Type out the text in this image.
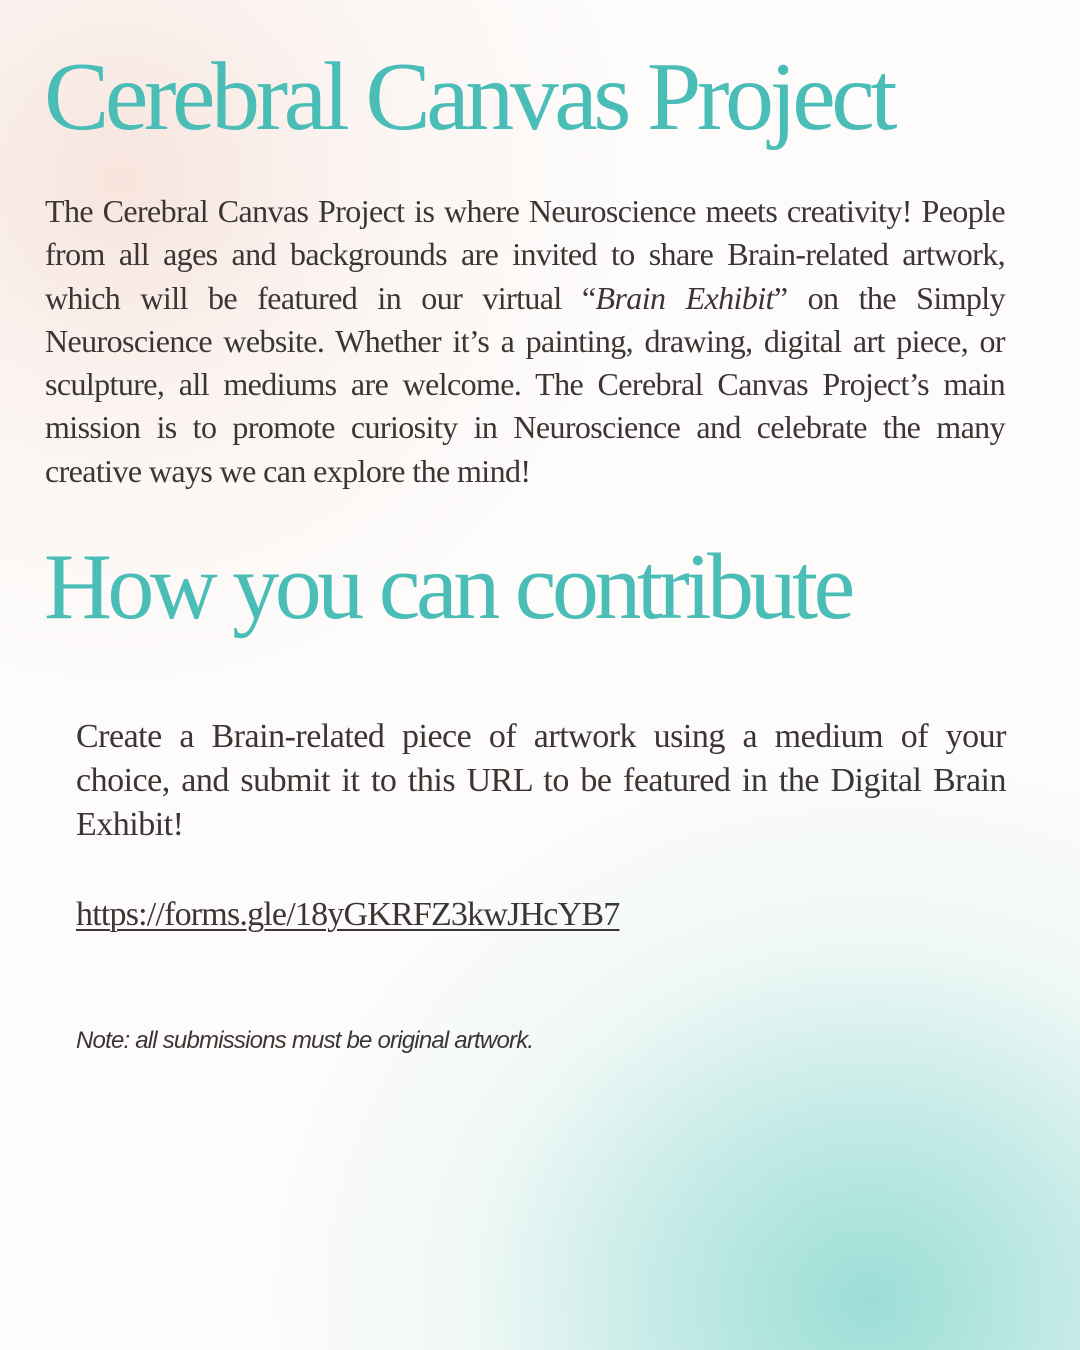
Cerebral Canvas Project

The Cerebral Canvas Project is where Neuroscience meets creativity! People from all ages and backgrounds are invited to share Brain-related artwork, which will be featured in our virtual “Brain Exhibit” on the Simply Neuroscience website. Whether it’s a painting, drawing, digital art piece, or sculpture, all mediums are welcome. The Cerebral Canvas Project’s main mission is to promote curiosity in Neuroscience and celebrate the many creative ways we can explore the mind!

How you can contribute

Create a Brain-related piece of artwork using a medium of your choice, and submit it to this URL to be featured in the Digital Brain Exhibit!

https://forms.gle/18yGKRFZ3kwJHcYB7

Note: all submissions must be original artwork.
